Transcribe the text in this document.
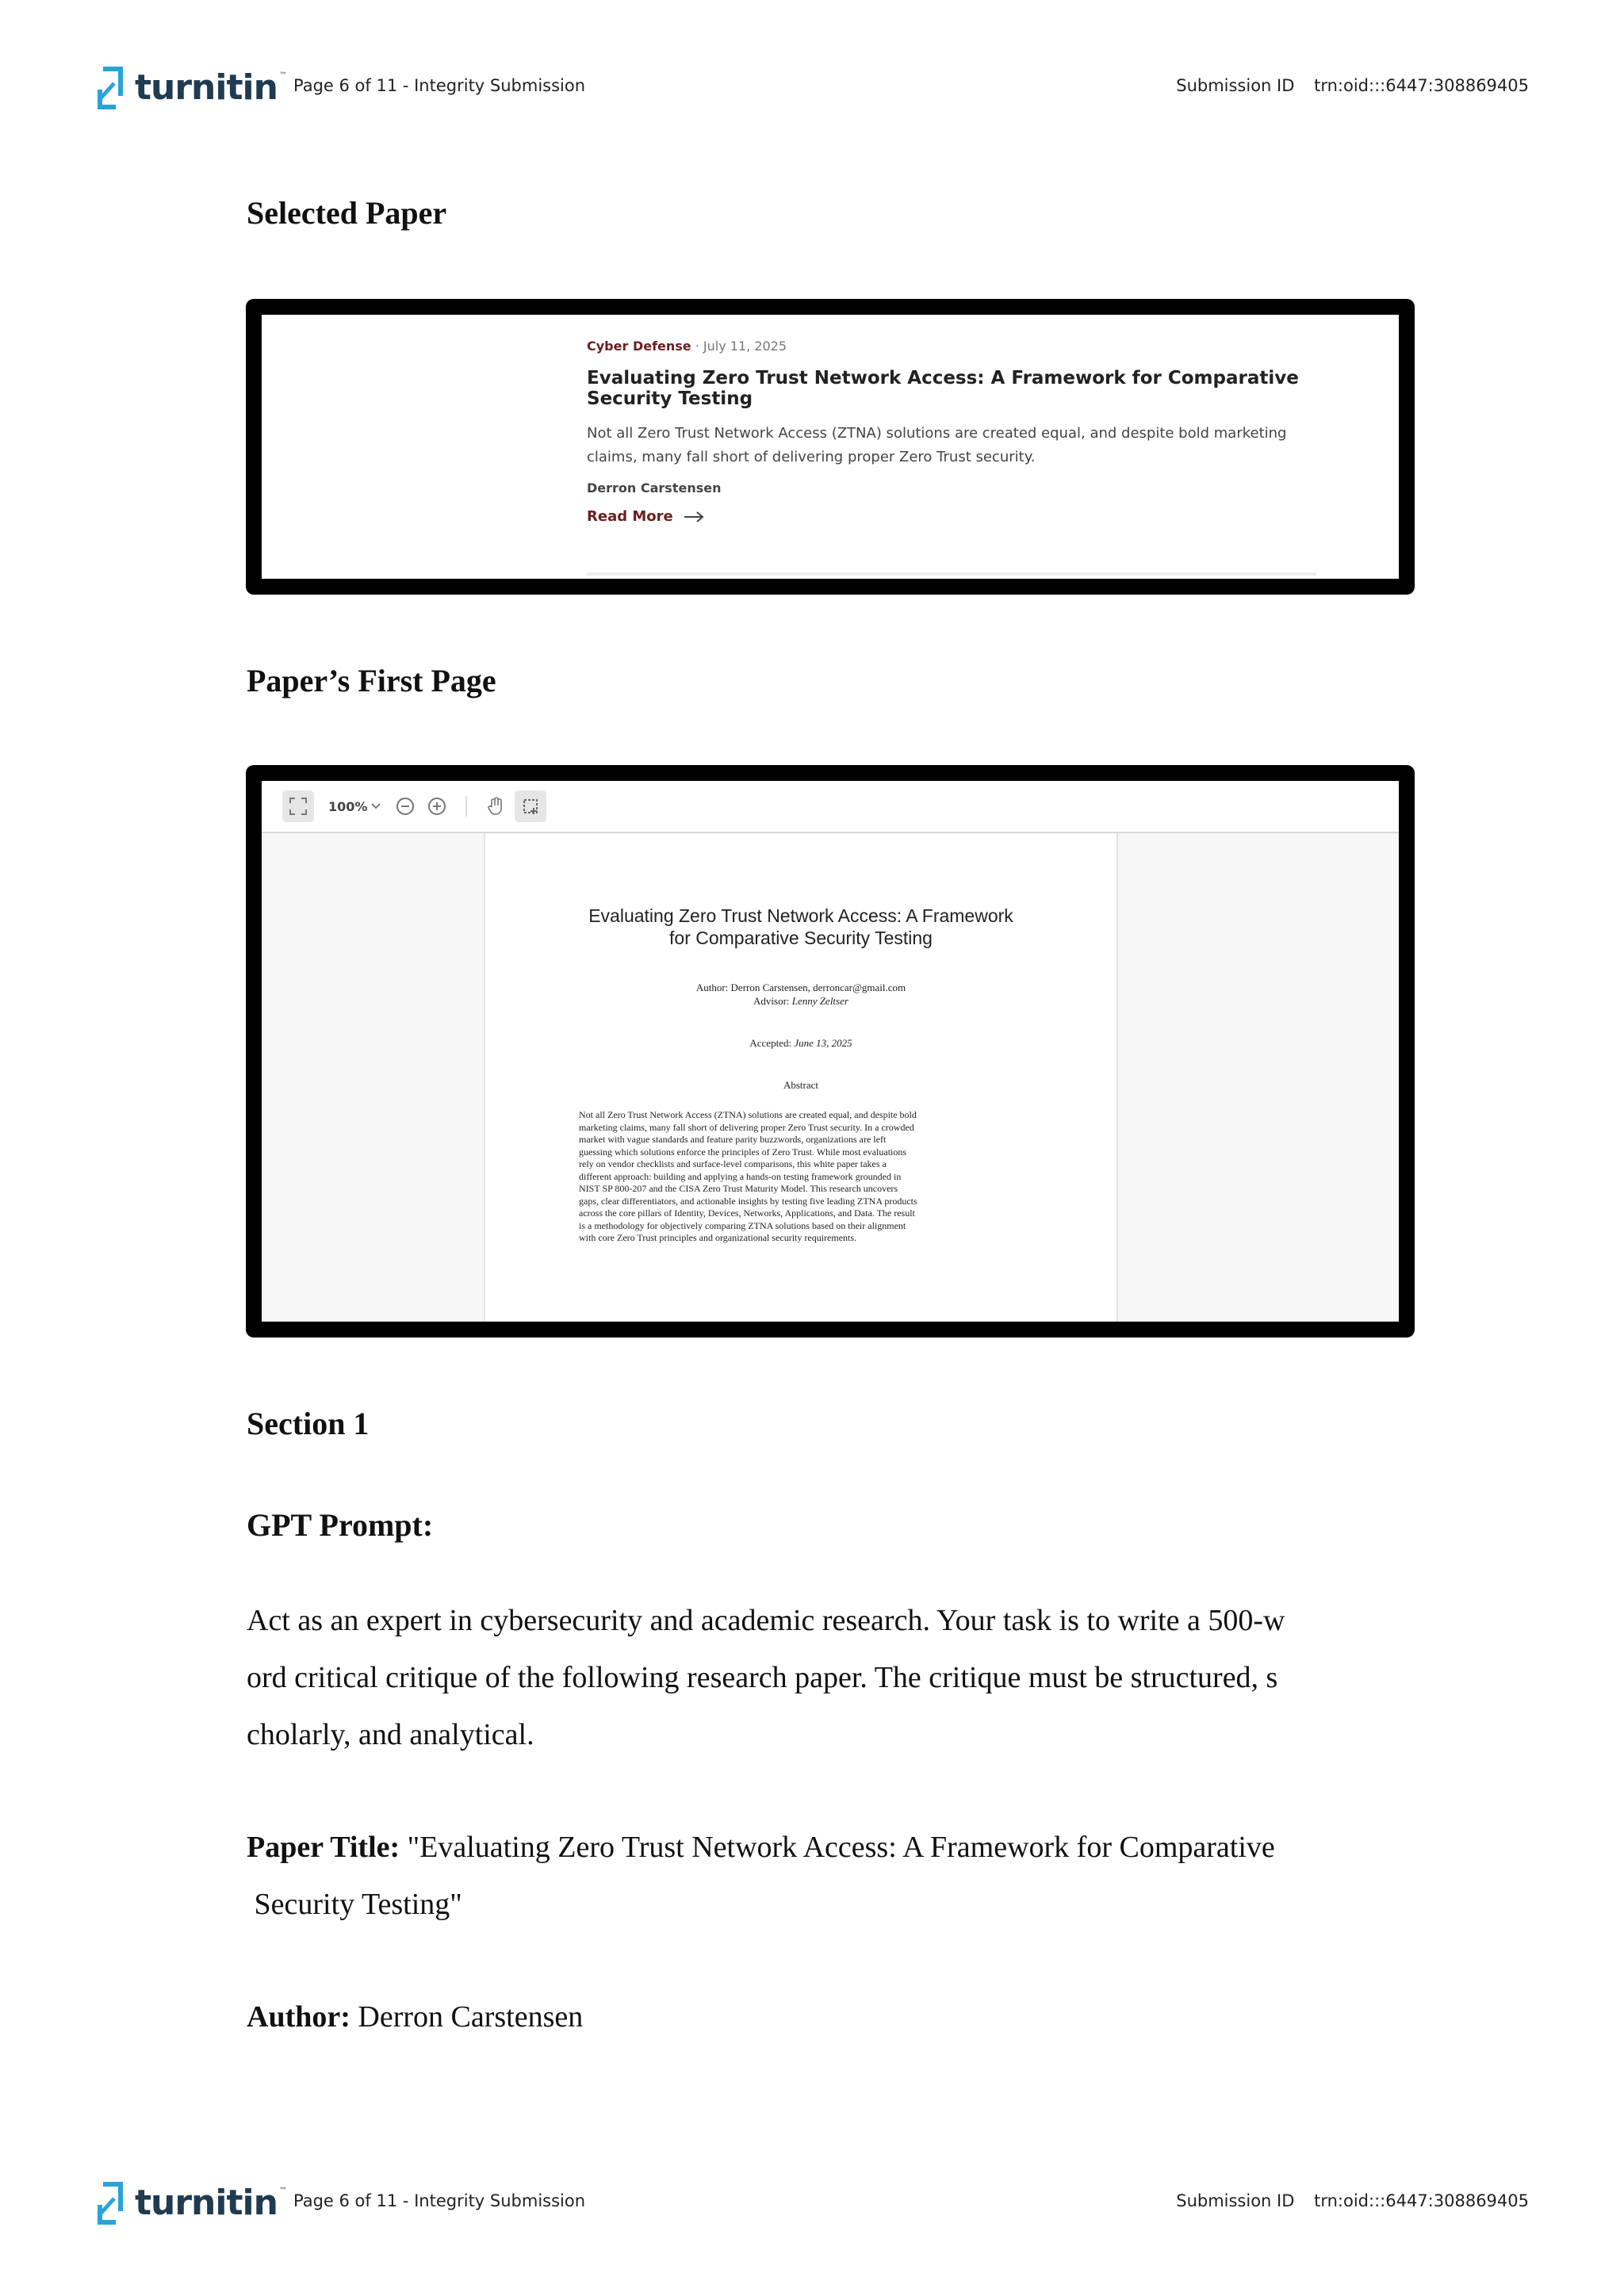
turnitin ™
Page 6 of 11 - Integrity Submission	Submission ID trn:oid:::6447:308869405
Selected Paper
Cyber Defense · July 11, 2025
Evaluating Zero Trust Network Access: A Framework for Comparative Security Testing
Not all Zero Trust Network Access (ZTNA) solutions are created equal, and despite bold marketing claims, many fall short of delivering proper Zero Trust security.
Derron Carstensen
Read More
Paper’s First Page
100%
Evaluating Zero Trust Network Access: A Framework
for Comparative Security Testing
Author: Derron Carstensen, derroncar@gmail.com
Advisor: Lenny Zeltser
Accepted: June 13, 2025
Abstract
Not all Zero Trust Network Access (ZTNA) solutions are created equal, and despite bold
marketing claims, many fall short of delivering proper Zero Trust security. In a crowded
market with vague standards and feature parity buzzwords, organizations are left
guessing which solutions enforce the principles of Zero Trust. While most evaluations
rely on vendor checklists and surface-level comparisons, this white paper takes a
different approach: building and applying a hands-on testing framework grounded in
NIST SP 800-207 and the CISA Zero Trust Maturity Model. This research uncovers
gaps, clear differentiators, and actionable insights by testing five leading ZTNA products
across the core pillars of Identity, Devices, Networks, Applications, and Data. The result
is a methodology for objectively comparing ZTNA solutions based on their alignment
with core Zero Trust principles and organizational security requirements.
Section 1
GPT Prompt:
Act as an expert in cybersecurity and academic research. Your task is to write a 500-w
ord critical critique of the following research paper. The critique must be structured, s
cholarly, and analytical.
Paper Title: "Evaluating Zero Trust Network Access: A Framework for Comparative
Security Testing"
Author: Derron Carstensen
turnitin ™
Page 6 of 11 - Integrity Submission	Submission ID trn:oid:::6447:308869405
